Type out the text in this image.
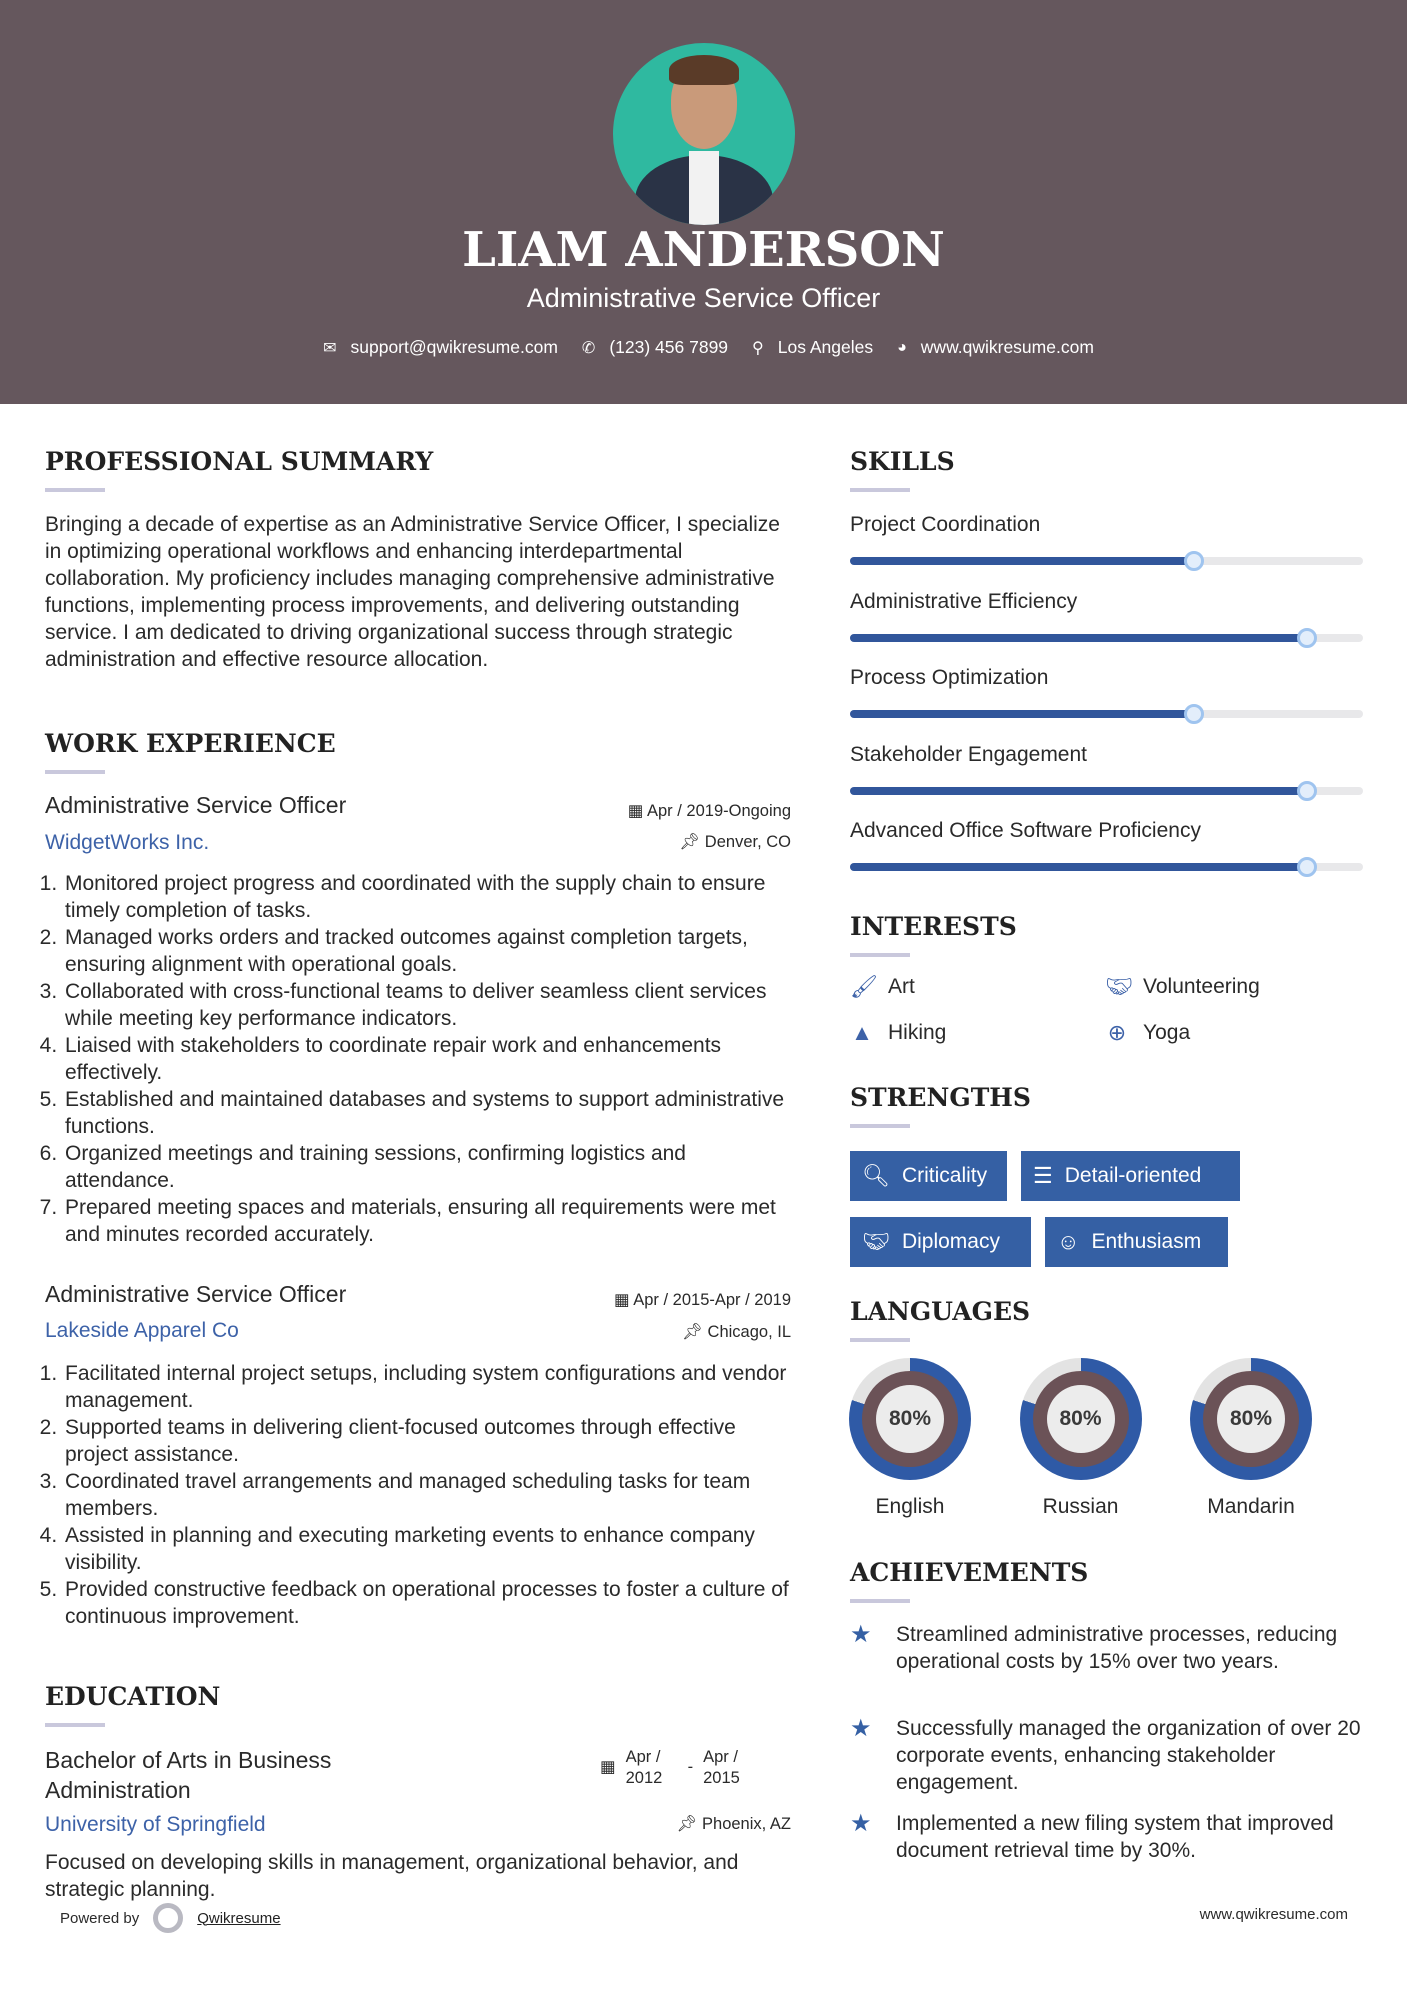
LIAM ANDERSON
Administrative Service Officer
✉ support@qwikresume.com ✆ (123) 456 7899 ⚲ Los Angeles ◕ www.qwikresume.com
PROFESSIONAL SUMMARY
Bringing a decade of expertise as an Administrative Service Officer, I specialize in optimizing operational workflows and enhancing interdepartmental collaboration. My proficiency includes managing comprehensive administrative functions, implementing process improvements, and delivering outstanding service. I am dedicated to driving organizational success through strategic administration and effective resource allocation.
WORK EXPERIENCE
Administrative Service Officer	▦ Apr / 2019-Ongoing
WidgetWorks Inc.	📌︎ Denver, CO
1. Monitored project progress and coordinated with the supply chain to ensure timely completion of tasks.
2. Managed works orders and tracked outcomes against completion targets, ensuring alignment with operational goals.
3. Collaborated with cross-functional teams to deliver seamless client services while meeting key performance indicators.
4. Liaised with stakeholders to coordinate repair work and enhancements effectively.
5. Established and maintained databases and systems to support administrative functions.
6. Organized meetings and training sessions, confirming logistics and attendance.
7. Prepared meeting spaces and materials, ensuring all requirements were met and minutes recorded accurately.
Administrative Service Officer	▦ Apr / 2015-Apr / 2019
Lakeside Apparel Co	📌︎ Chicago, IL
1. Facilitated internal project setups, including system configurations and vendor management.
2. Supported teams in delivering client-focused outcomes through effective project assistance.
3. Coordinated travel arrangements and managed scheduling tasks for team members.
4. Assisted in planning and executing marketing events to enhance company visibility.
5. Provided constructive feedback on operational processes to foster a culture of continuous improvement.
EDUCATION
Bachelor of Arts in Business Administration
▦
Apr / 2012
-
Apr / 2015
University of Springfield	📌︎ Phoenix, AZ
Focused on developing skills in management, organizational behavior, and strategic planning.
SKILLS
Project Coordination
Administrative Efficiency
Process Optimization
Stakeholder Engagement
Advanced Office Software Proficiency
INTERESTS
🖌︎ Art	🤝︎ Volunteering
▲ Hiking	⊕ Yoga
STRENGTHS
🔍︎ Criticality ☰ Detail-oriented
🤝︎ Diplomacy	☺ Enthusiasm
LANGUAGES
80%
English
80%
Russian
80%
Mandarin
ACHIEVEMENTS
★	Streamlined administrative processes, reducing operational costs by 15% over two years.
★	Successfully managed the organization of over 20 corporate events, enhancing stakeholder engagement.
★	Implemented a new filing system that improved document retrieval time by 30%.
Powered by	Qwikresume	www.qwikresume.com
